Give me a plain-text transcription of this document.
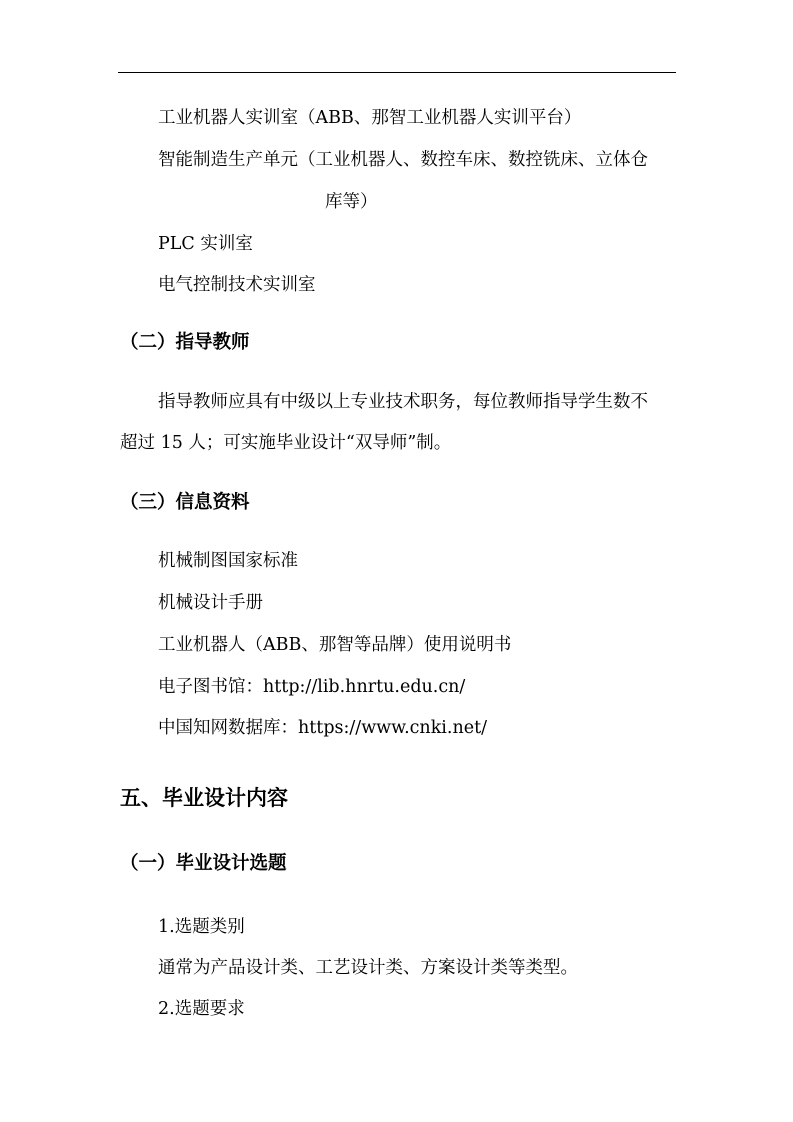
工业机器人实训室（ABB、那智工业机器人实训平台）
智能制造生产单元（工业机器人、数控车床、数控铣床、立体仓
库等）
PLC 实训室
电气控制技术实训室
（二）指导教师
指导教师应具有中级以上专业技术职务，每位教师指导学生数不
超过 15 人；可实施毕业设计“双导师”制。
（三）信息资料
机械制图国家标准
机械设计手册
工业机器人（ABB、那智等品牌）使用说明书
电子图书馆：http://lib.hnrtu.edu.cn/
中国知网数据库：https://www.cnki.net/
五、毕业设计内容
（一）毕业设计选题
1.选题类别
通常为产品设计类、工艺设计类、方案设计类等类型。
2.选题要求
